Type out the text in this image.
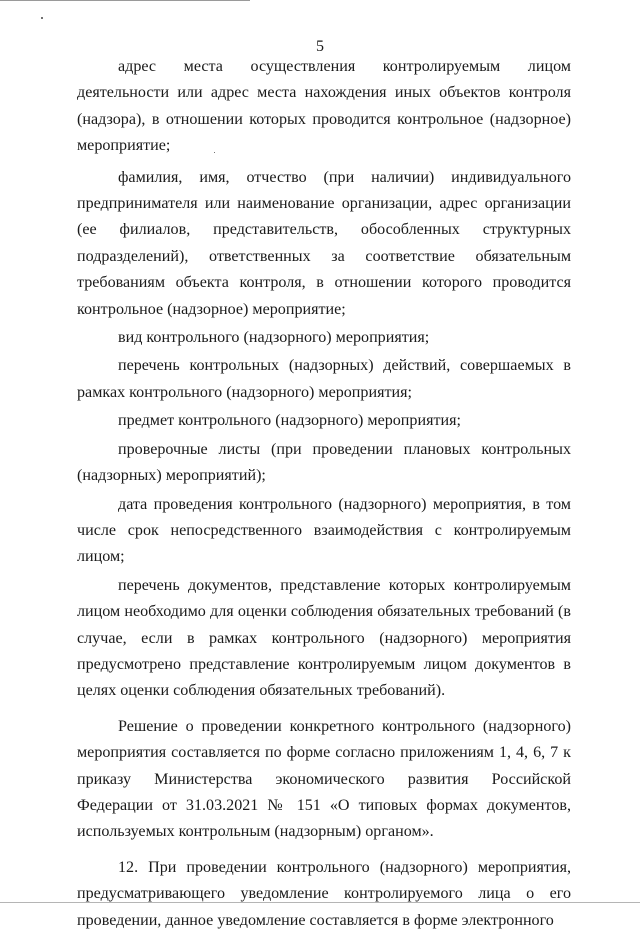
5

адрес места осуществления контролируемым лицом деятельности или адрес места нахождения иных объектов контроля (надзора), в отношении которых проводится контрольное (надзорное) мероприятие;

фамилия, имя, отчество (при наличии) индивидуального предпринимателя или наименование организации, адрес организации (ее филиалов, представительств, обособленных структурных подразделений), ответственных за соответствие обязательным требованиям объекта контроля, в отношении которого проводится контрольное (надзорное) мероприятие;

вид контрольного (надзорного) мероприятия;

перечень контрольных (надзорных) действий, совершаемых в рамках контрольного (надзорного) мероприятия;

предмет контрольного (надзорного) мероприятия;

проверочные листы (при проведении плановых контрольных (надзорных) мероприятий);

дата проведения контрольного (надзорного) мероприятия, в том числе срок непосредственного взаимодействия с контролируемым лицом;

перечень документов, представление которых контролируемым лицом необходимо для оценки соблюдения обязательных требований (в случае, если в рамках контрольного (надзорного) мероприятия предусмотрено представление контролируемым лицом документов в целях оценки соблюдения обязательных требований).

Решение о проведении конкретного контрольного (надзорного) мероприятия составляется по форме согласно приложениям 1, 4, 6, 7 к приказу Министерства экономического развития Российской Федерации от 31.03.2021 № 151 «О типовых формах документов, используемых контрольным (надзорным) органом».

12. При проведении контрольного (надзорного) мероприятия, предусматривающего уведомление контролируемого лица о его проведении, данное уведомление составляется в форме электронного
